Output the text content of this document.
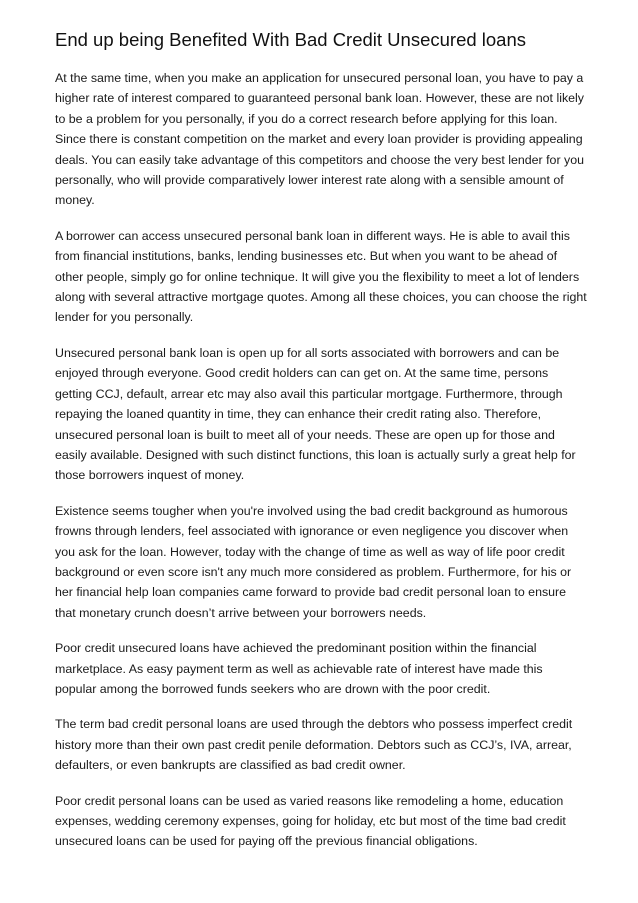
End up being Benefited With Bad Credit Unsecured loans

At the same time, when you make an application for unsecured personal loan, you have to pay a higher rate of interest compared to guaranteed personal bank loan. However, these are not likely to be a problem for you personally, if you do a correct research before applying for this loan. Since there is constant competition on the market and every loan provider is providing appealing deals. You can easily take advantage of this competitors and choose the very best lender for you personally, who will provide comparatively lower interest rate along with a sensible amount of money.

A borrower can access unsecured personal bank loan in different ways. He is able to avail this from financial institutions, banks, lending businesses etc. But when you want to be ahead of other people, simply go for online technique. It will give you the flexibility to meet a lot of lenders along with several attractive mortgage quotes. Among all these choices, you can choose the right lender for you personally.

Unsecured personal bank loan is open up for all sorts associated with borrowers and can be enjoyed through everyone. Good credit holders can can get on. At the same time, persons getting CCJ, default, arrear etc may also avail this particular mortgage. Furthermore, through repaying the loaned quantity in time, they can enhance their credit rating also. Therefore, unsecured personal loan is built to meet all of your needs. These are open up for those and easily available. Designed with such distinct functions, this loan is actually surly a great help for those borrowers inquest of money.

Existence seems tougher when you're involved using the bad credit background as humorous frowns through lenders, feel associated with ignorance or even negligence you discover when you ask for the loan. However, today with the change of time as well as way of life poor credit background or even score isn't any much more considered as problem. Furthermore, for his or her financial help loan companies came forward to provide bad credit personal loan to ensure that monetary crunch doesn’t arrive between your borrowers needs.

Poor credit unsecured loans have achieved the predominant position within the financial marketplace. As easy payment term as well as achievable rate of interest have made this popular among the borrowed funds seekers who are drown with the poor credit.

The term bad credit personal loans are used through the debtors who possess imperfect credit history more than their own past credit penile deformation. Debtors such as CCJ’s, IVA, arrear, defaulters, or even bankrupts are classified as bad credit owner.

Poor credit personal loans can be used as varied reasons like remodeling a home, education expenses, wedding ceremony expenses, going for holiday, etc but most of the time bad credit unsecured loans can be used for paying off the previous financial obligations.
